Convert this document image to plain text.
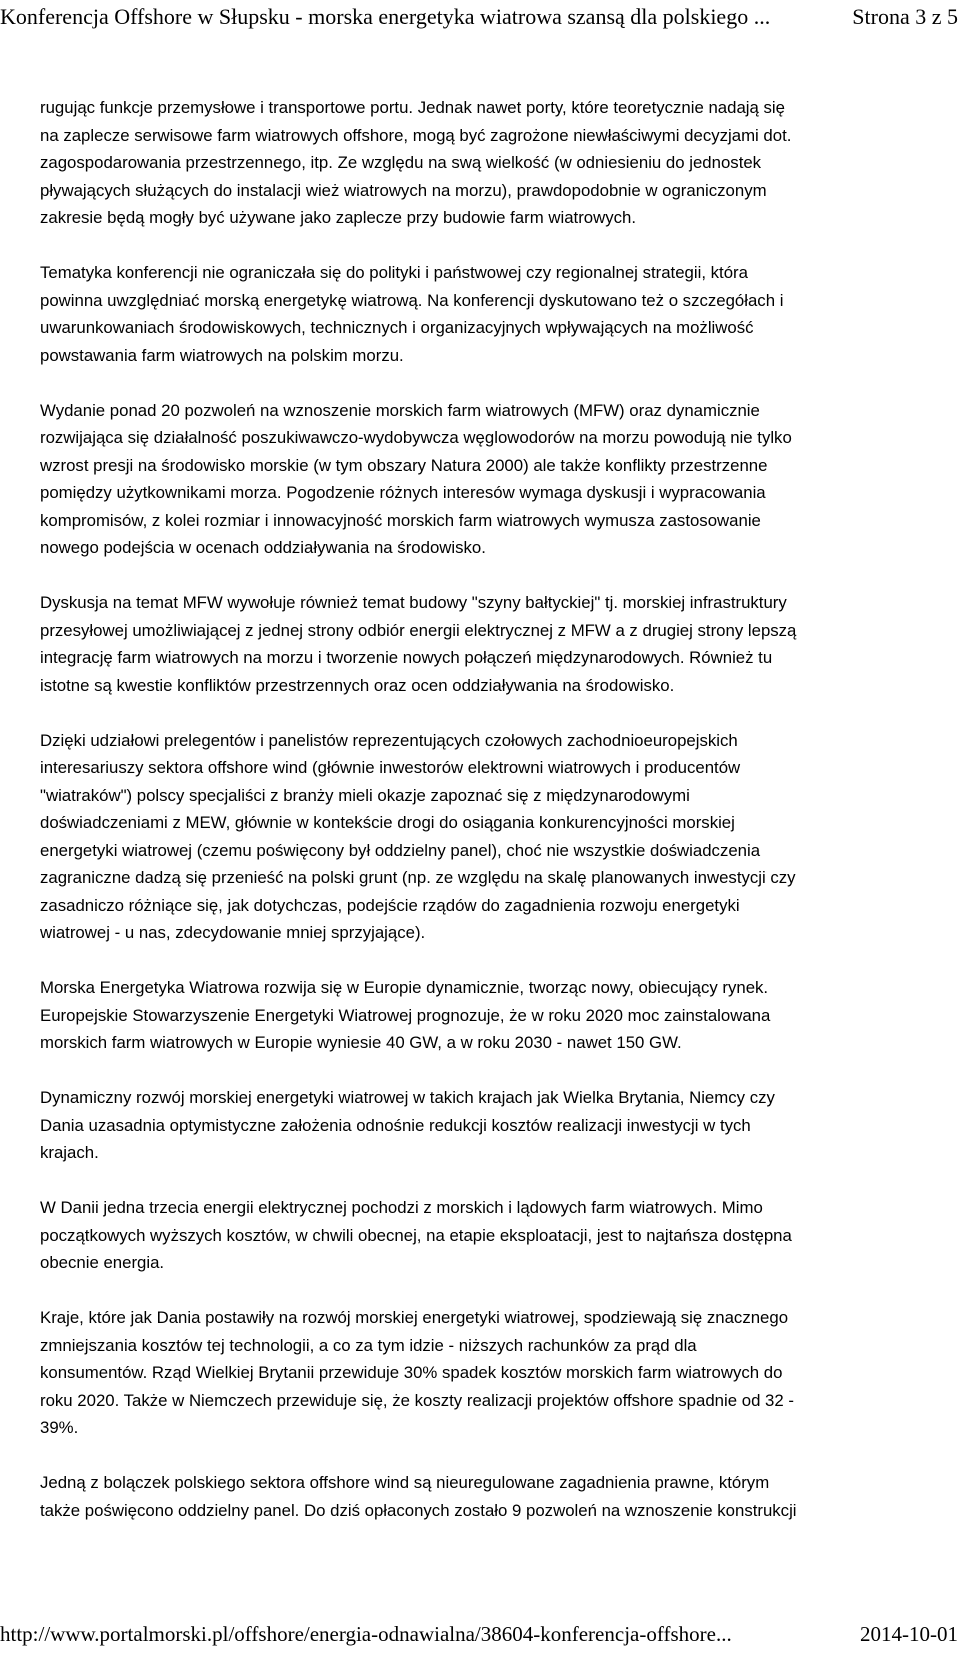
Konferencja Offshore w Słupsku - morska energetyka wiatrowa szansą dla polskiego ...	Strona 3 z 5

rugując funkcje przemysłowe i transportowe portu. Jednak nawet porty, które teoretycznie nadają się
na zaplecze serwisowe farm wiatrowych offshore, mogą być zagrożone niewłaściwymi decyzjami dot.
zagospodarowania przestrzennego, itp. Ze względu na swą wielkość (w odniesieniu do jednostek
pływających służących do instalacji wież wiatrowych na morzu), prawdopodobnie w ograniczonym
zakresie będą mogły być używane jako zaplecze przy budowie farm wiatrowych.

Tematyka konferencji nie ograniczała się do polityki i państwowej czy regionalnej strategii, która
powinna uwzględniać morską energetykę wiatrową. Na konferencji dyskutowano też o szczegółach i
uwarunkowaniach środowiskowych, technicznych i organizacyjnych wpływających na możliwość
powstawania farm wiatrowych na polskim morzu.

Wydanie ponad 20 pozwoleń na wznoszenie morskich farm wiatrowych (MFW) oraz dynamicznie
rozwijająca się działalność poszukiwawczo-wydobywcza węglowodorów na morzu powodują nie tylko
wzrost presji na środowisko morskie (w tym obszary Natura 2000) ale także konflikty przestrzenne
pomiędzy użytkownikami morza. Pogodzenie różnych interesów wymaga dyskusji i wypracowania
kompromisów, z kolei rozmiar i innowacyjność morskich farm wiatrowych wymusza zastosowanie
nowego podejścia w ocenach oddziaływania na środowisko.

Dyskusja na temat MFW wywołuje również temat budowy "szyny bałtyckiej" tj. morskiej infrastruktury
przesyłowej umożliwiającej z jednej strony odbiór energii elektrycznej z MFW a z drugiej strony lepszą
integrację farm wiatrowych na morzu i tworzenie nowych połączeń międzynarodowych. Również tu
istotne są kwestie konfliktów przestrzennych oraz ocen oddziaływania na środowisko.

Dzięki udziałowi prelegentów i panelistów reprezentujących czołowych zachodnioeuropejskich
interesariuszy sektora offshore wind (głównie inwestorów elektrowni wiatrowych i producentów
"wiatraków") polscy specjaliści z branży mieli okazje zapoznać się z międzynarodowymi
doświadczeniami z MEW, głównie w kontekście drogi do osiągania konkurencyjności morskiej
energetyki wiatrowej (czemu poświęcony był oddzielny panel), choć nie wszystkie doświadczenia
zagraniczne dadzą się przenieść na polski grunt (np. ze względu na skalę planowanych inwestycji czy
zasadniczo różniące się, jak dotychczas, podejście rządów do zagadnienia rozwoju energetyki
wiatrowej - u nas, zdecydowanie mniej sprzyjające).

Morska Energetyka Wiatrowa rozwija się w Europie dynamicznie, tworząc nowy, obiecujący rynek.
Europejskie Stowarzyszenie Energetyki Wiatrowej prognozuje, że w roku 2020 moc zainstalowana
morskich farm wiatrowych w Europie wyniesie 40 GW, a w roku 2030 - nawet 150 GW.

Dynamiczny rozwój morskiej energetyki wiatrowej w takich krajach jak Wielka Brytania, Niemcy czy
Dania uzasadnia optymistyczne założenia odnośnie redukcji kosztów realizacji inwestycji w tych
krajach.

W Danii jedna trzecia energii elektrycznej pochodzi z morskich i lądowych farm wiatrowych. Mimo
początkowych wyższych kosztów, w chwili obecnej, na etapie eksploatacji, jest to najtańsza dostępna
obecnie energia.

Kraje, które jak Dania postawiły na rozwój morskiej energetyki wiatrowej, spodziewają się znacznego
zmniejszania kosztów tej technologii, a co za tym idzie - niższych rachunków za prąd dla
konsumentów. Rząd Wielkiej Brytanii przewiduje 30% spadek kosztów morskich farm wiatrowych do
roku 2020. Także w Niemczech przewiduje się, że koszty realizacji projektów offshore spadnie od 32 -
39%.

Jedną z bolączek polskiego sektora offshore wind są nieuregulowane zagadnienia prawne, którym
także poświęcono oddzielny panel. Do dziś opłaconych zostało 9 pozwoleń na wznoszenie konstrukcji

http://www.portalmorski.pl/offshore/energia-odnawialna/38604-konferencja-offshore...	2014-10-01
